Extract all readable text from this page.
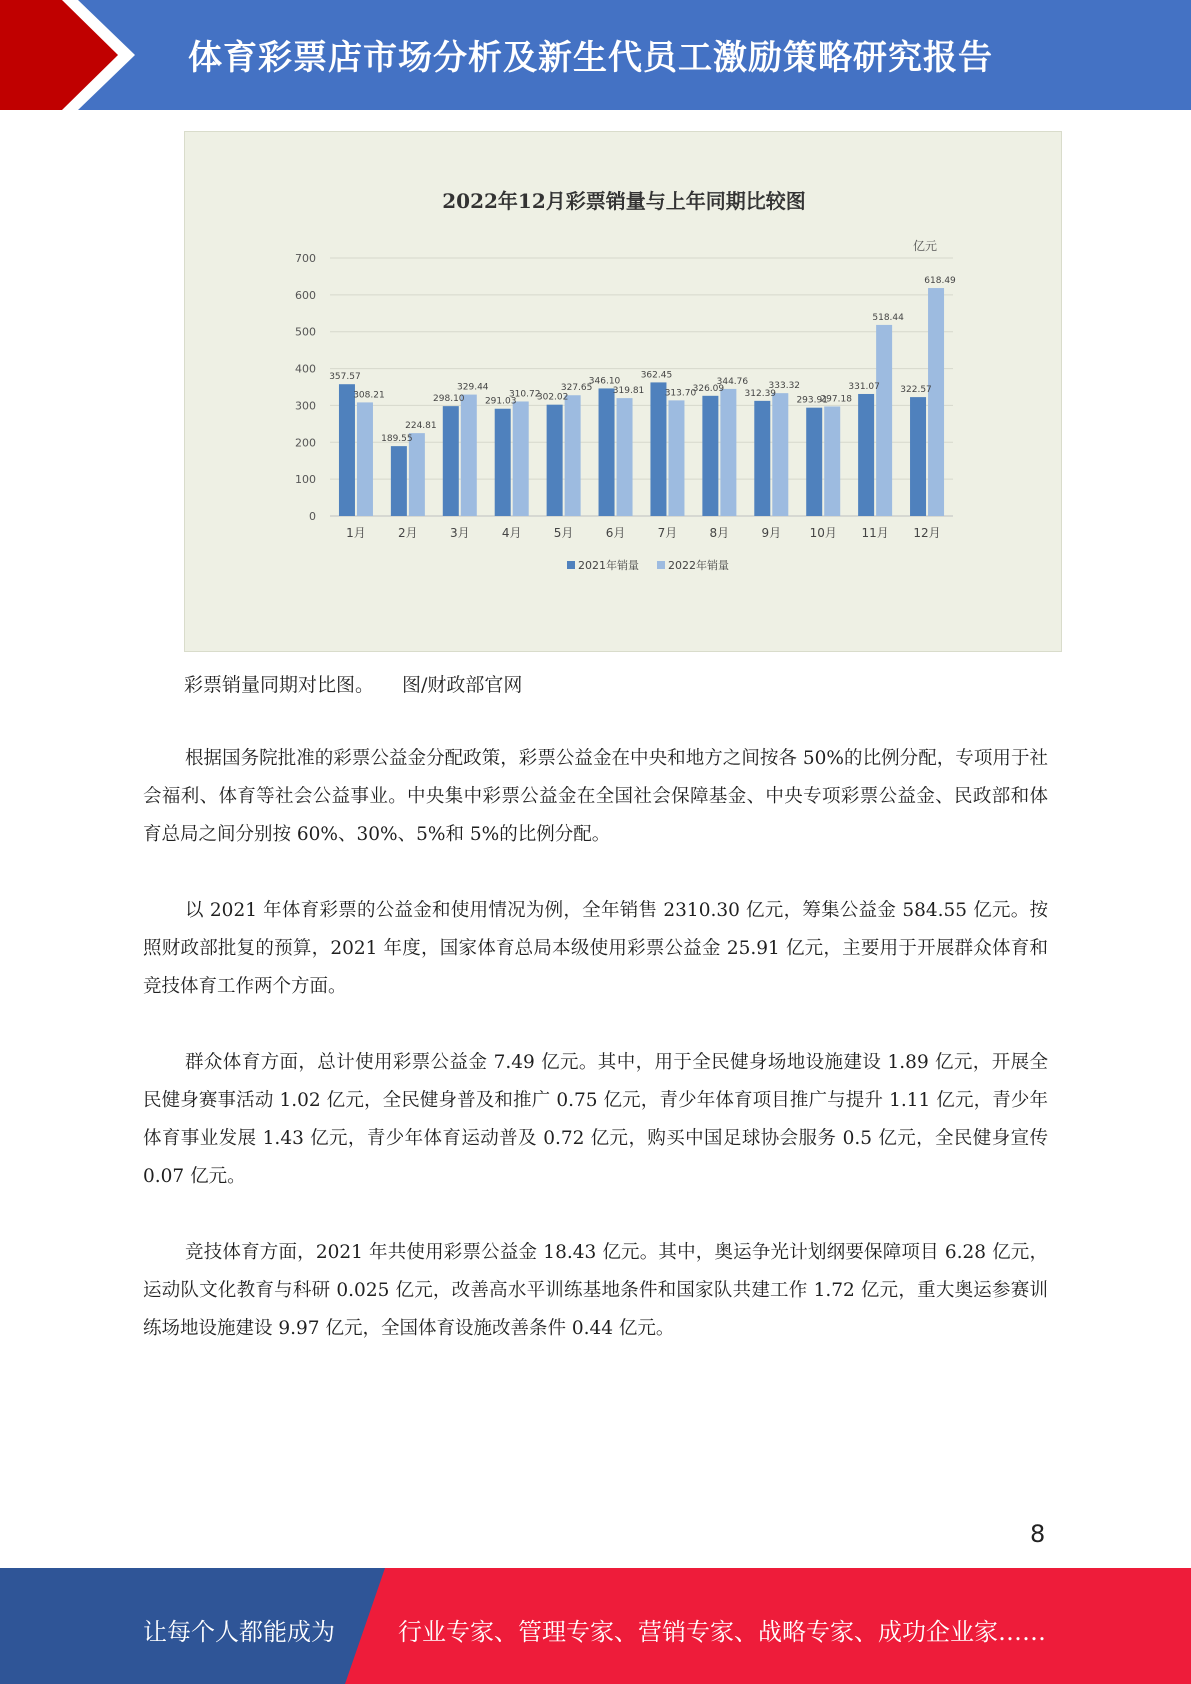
体育彩票店市场分析及新生代员工激励策略研究报告
2022年12月彩票销量与上年同期比较图
亿元
0
100
200
300
400
500
600
700
357.57
308.21
1月
189.55
224.81
2月
298.10
329.44
3月
291.03
310.72
4月
302.02
327.65
5月
346.10
319.81
6月
362.45
313.70
7月
326.09
344.76
8月
312.39
333.32
9月
293.91
297.18
10月
331.07
518.44
11月
322.57
618.49
12月
2021年销量	2022年销量
彩票销量同期对比图。 图/财政部官网

根据国务院批准的彩票公益金分配政策，彩票公益金在中央和地方之间按各 50%的比例分配，专项用于社会福利、体育等社会公益事业。中央集中彩票公益金在全国社会保障基金、中央专项彩票公益金、民政部和体育总局之间分别按 60%、30%、5%和 5%的比例分配。

以 2021 年体育彩票的公益金和使用情况为例，全年销售 2310.30 亿元，筹集公益金 584.55 亿元。按照财政部批复的预算，2021 年度，国家体育总局本级使用彩票公益金 25.91 亿元，主要用于开展群众体育和竞技体育工作两个方面。

群众体育方面，总计使用彩票公益金 7.49 亿元。其中，用于全民健身场地设施建设 1.89 亿元，开展全民健身赛事活动 1.02 亿元，全民健身普及和推广 0.75 亿元，青少年体育项目推广与提升 1.11 亿元，青少年体育事业发展 1.43 亿元，青少年体育运动普及 0.72 亿元，购买中国足球协会服务 0.5 亿元，全民健身宣传 0.07 亿元。

竞技体育方面，2021 年共使用彩票公益金 18.43 亿元。其中，奥运争光计划纲要保障项目 6.28 亿元，运动队文化教育与科研 0.025 亿元，改善高水平训练基地条件和国家队共建工作 1.72 亿元，重大奥运参赛训练场地设施建设 9.97 亿元，全国体育设施改善条件 0.44 亿元。

8
让每个人都能成为	行业专家、管理专家、营销专家、战略专家、成功企业家……
